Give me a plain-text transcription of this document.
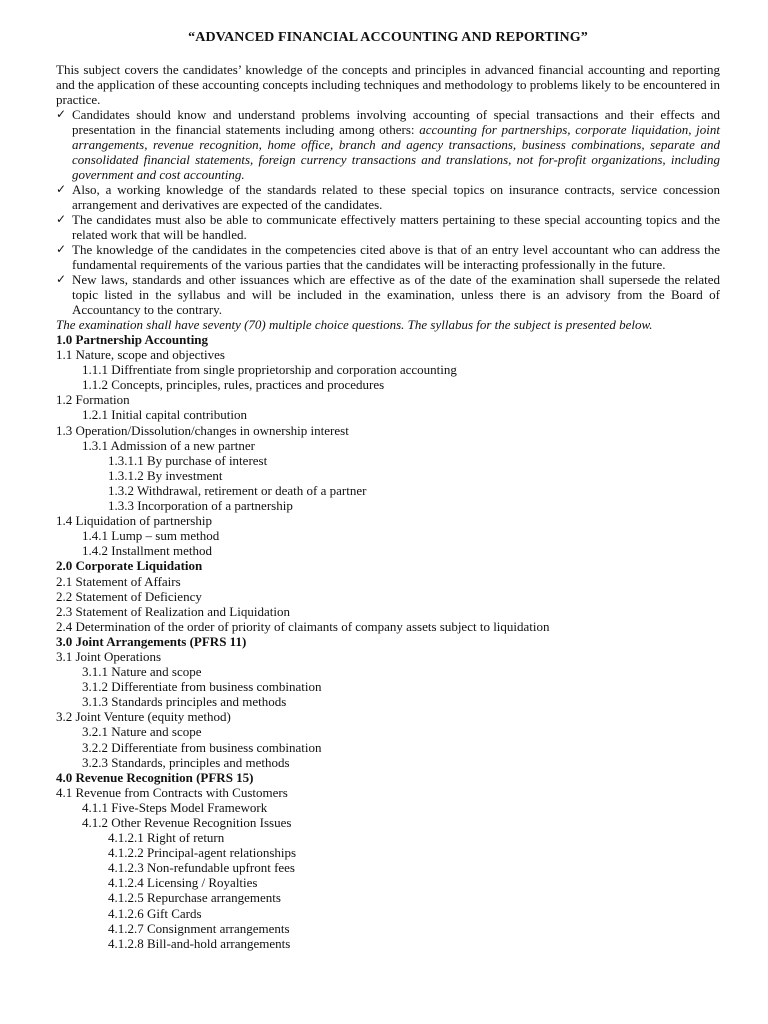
“ADVANCED FINANCIAL ACCOUNTING AND REPORTING”

This subject covers the candidates’ knowledge of the concepts and principles in advanced financial accounting and reporting and the application of these accounting concepts including techniques and methodology to problems likely to be encountered in practice.

✓ Candidates should know and understand problems involving accounting of special transactions and their effects and presentation in the financial statements including among others: accounting for partnerships, corporate liquidation, joint arrangements, revenue recognition, home office, branch and agency transactions, business combinations, separate and consolidated financial statements, foreign currency transactions and translations, not for-profit organizations, including government and cost accounting.
✓ Also, a working knowledge of the standards related to these special topics on insurance contracts, service concession arrangement and derivatives are expected of the candidates.
✓ The candidates must also be able to communicate effectively matters pertaining to these special accounting topics and the related work that will be handled.
✓ The knowledge of the candidates in the competencies cited above is that of an entry level accountant who can address the fundamental requirements of the various parties that the candidates will be interacting professionally in the future.
✓ New laws, standards and other issuances which are effective as of the date of the examination shall supersede the related topic listed in the syllabus and will be included in the examination, unless there is an advisory from the Board of Accountancy to the contrary.

The examination shall have seventy (70) multiple choice questions. The syllabus for the subject is presented below.

1.0 Partnership Accounting
1.1 Nature, scope and objectives
1.1.1 Diffrentiate from single proprietorship and corporation accounting
1.1.2 Concepts, principles, rules, practices and procedures
1.2 Formation
1.2.1 Initial capital contribution
1.3 Operation/Dissolution/changes in ownership interest
1.3.1 Admission of a new partner
1.3.1.1 By purchase of interest
1.3.1.2 By investment
1.3.2 Withdrawal, retirement or death of a partner
1.3.3 Incorporation of a partnership
1.4 Liquidation of partnership
1.4.1 Lump – sum method
1.4.2 Installment method
2.0 Corporate Liquidation
2.1 Statement of Affairs
2.2 Statement of Deficiency
2.3 Statement of Realization and Liquidation
2.4 Determination of the order of priority of claimants of company assets subject to liquidation
3.0 Joint Arrangements (PFRS 11)
3.1 Joint Operations
3.1.1 Nature and scope
3.1.2 Differentiate from business combination
3.1.3 Standards principles and methods
3.2 Joint Venture (equity method)
3.2.1 Nature and scope
3.2.2 Differentiate from business combination
3.2.3 Standards, principles and methods
4.0 Revenue Recognition (PFRS 15)
4.1 Revenue from Contracts with Customers
4.1.1 Five-Steps Model Framework
4.1.2 Other Revenue Recognition Issues
4.1.2.1 Right of return
4.1.2.2 Principal-agent relationships
4.1.2.3 Non-refundable upfront fees
4.1.2.4 Licensing / Royalties
4.1.2.5 Repurchase arrangements
4.1.2.6 Gift Cards
4.1.2.7 Consignment arrangements
4.1.2.8 Bill-and-hold arrangements
